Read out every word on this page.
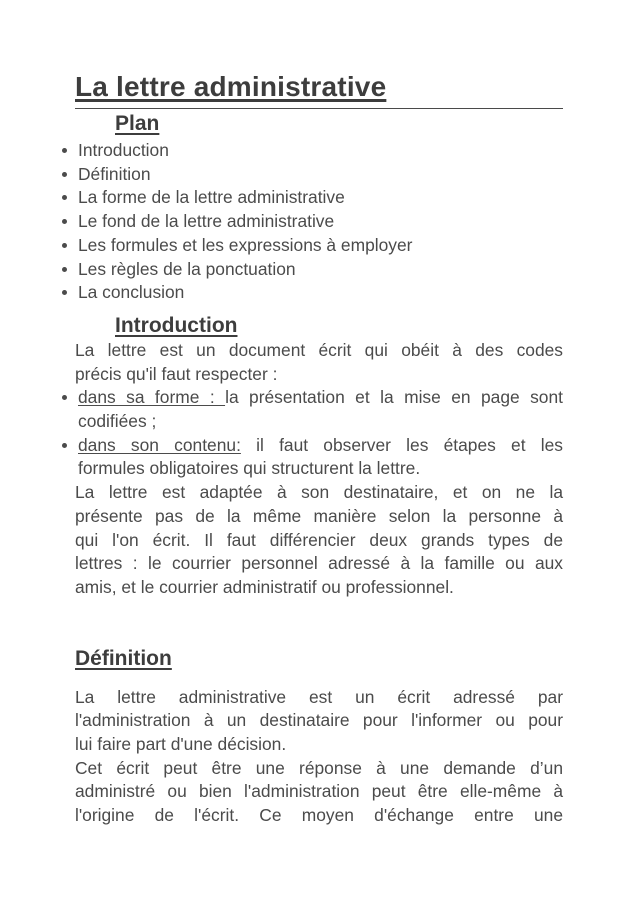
La lettre administrative
Plan
Introduction
Définition
La forme de la lettre administrative
Le fond de la lettre administrative
Les formules et les expressions à employer
Les règles de la ponctuation
La conclusion
Introduction
La lettre est un document écrit qui obéit à des codes
précis qu'il faut respecter :
dans sa forme : la présentation et la mise en page sont
codifiées ;
dans son contenu: il faut observer les étapes et les
formules obligatoires qui structurent la lettre.
La lettre est adaptée à son destinataire, et on ne la
présente pas de la même manière selon la personne à
qui l'on écrit. Il faut différencier deux grands types de
lettres : le courrier personnel adressé à la famille ou aux
amis, et le courrier administratif ou professionnel.
Définition
La lettre administrative est un écrit adressé par
l'administration à un destinataire pour l'informer ou pour
lui faire part d'une décision.
Cet écrit peut être une réponse à une demande d’un
administré ou bien l'administration peut être elle-même à
l'origine de l'écrit. Ce moyen d'échange entre une
